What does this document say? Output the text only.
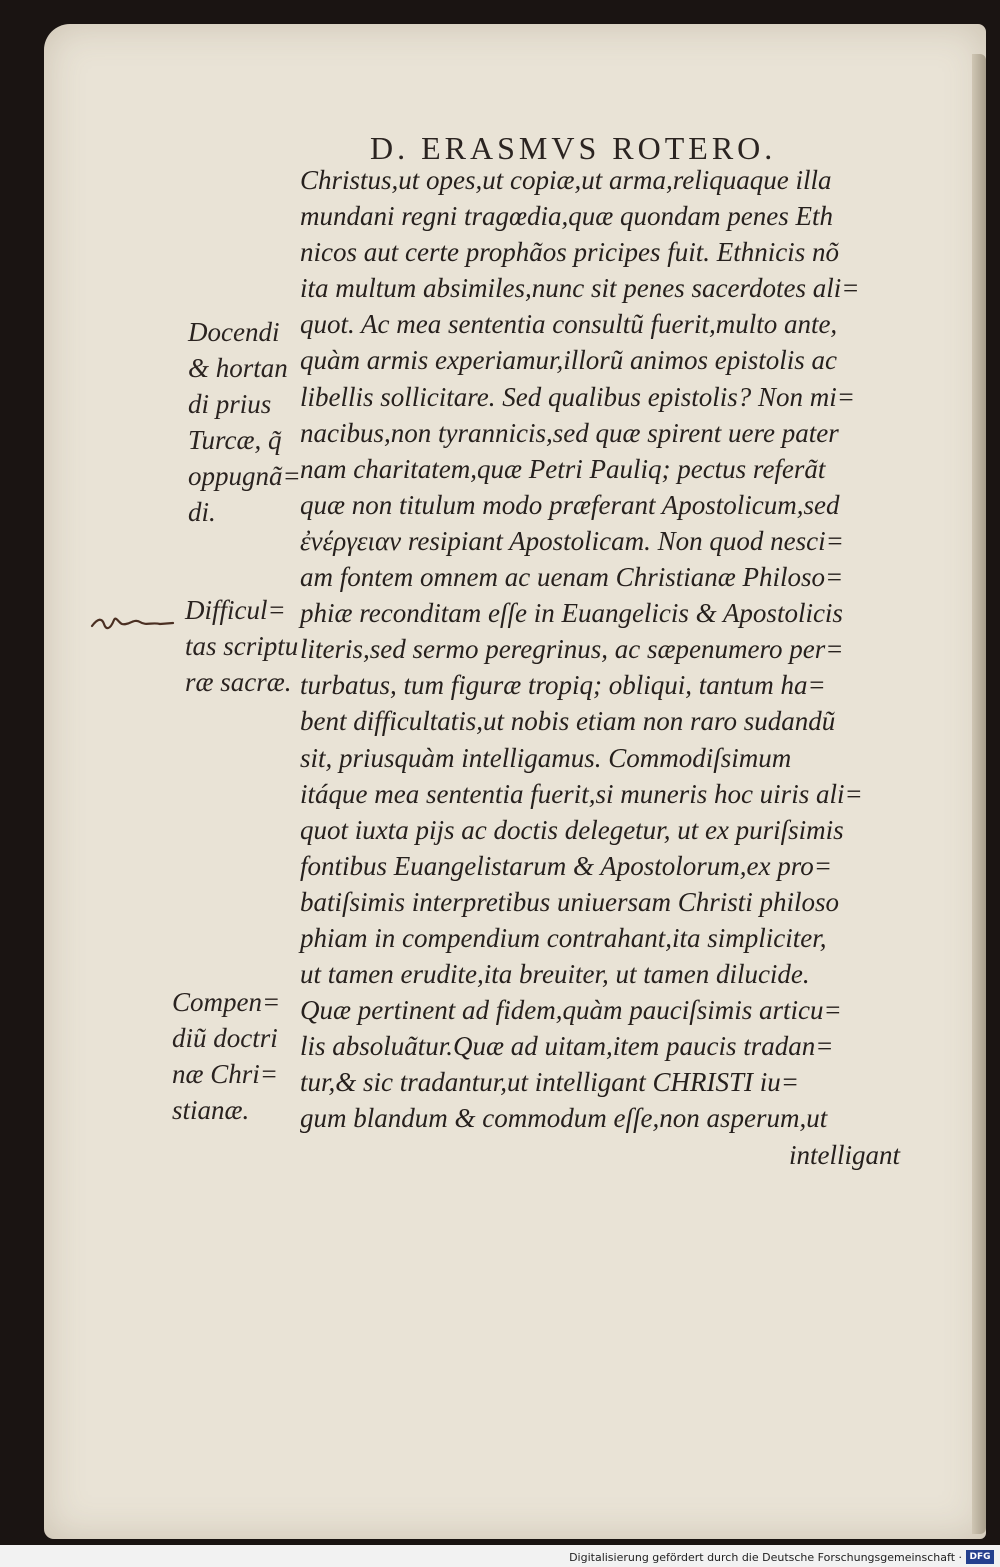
D. ERASMVS ROTERO.
Christus,ut opes,ut copiæ,ut arma,reliquaque illa
mundani regni tragœdia,quæ quondam penes Eth
nicos aut certe prophãos pricipes fuit. Ethnicis nõ
ita multum absimiles,nunc sit penes sacerdotes ali=
quot. Ac mea sententia consultũ fuerit,multo ante,
quàm armis experiamur,illorũ animos epistolis ac
libellis sollicitare. Sed qualibus epistolis? Non mi=
nacibus,non tyrannicis,sed quæ spirent uere pater
nam charitatem,quæ Petri Pauliq; pectus referãt
quæ non titulum modo præferant Apostolicum,sed
ἐνέργειαν resipiant Apostolicam. Non quod nesci=
am fontem omnem ac uenam Christianæ Philoso=
phiæ reconditam eſſe in Euangelicis & Apostolicis
literis,sed sermo peregrinus, ac sæpenumero per=
turbatus, tum figuræ tropiq; obliqui, tantum ha=
bent difficultatis,ut nobis etiam non raro sudandũ
sit, priusquàm intelligamus. Commodiſsimum
itáque mea sententia fuerit,si muneris hoc uiris ali=
quot iuxta pijs ac doctis delegetur, ut ex puriſsimis
fontibus Euangelistarum & Apostolorum,ex pro=
batiſsimis interpretibus uniuersam Christi philoso
phiam in compendium contrahant,ita simpliciter,
ut tamen erudite,ita breuiter, ut tamen dilucide.
Quæ pertinent ad fidem,quàm pauciſsimis articu=
lis absoluãtur.Quæ ad uitam,item paucis tradan=
tur,& sic tradantur,ut intelligant CHRISTI iu=
gum blandum & commodum eſſe,non asperum,ut
intelligant
Docendi
& hortan
di prius
Turcæ, q̃
oppugnã=
di.
Difficul=
tas scriptu
ræ sacræ.
Compen=
diũ doctri
næ Chri=
stianæ.
Digitalisierung gefördert durch die Deutsche Forschungsgemeinschaft · DFG
